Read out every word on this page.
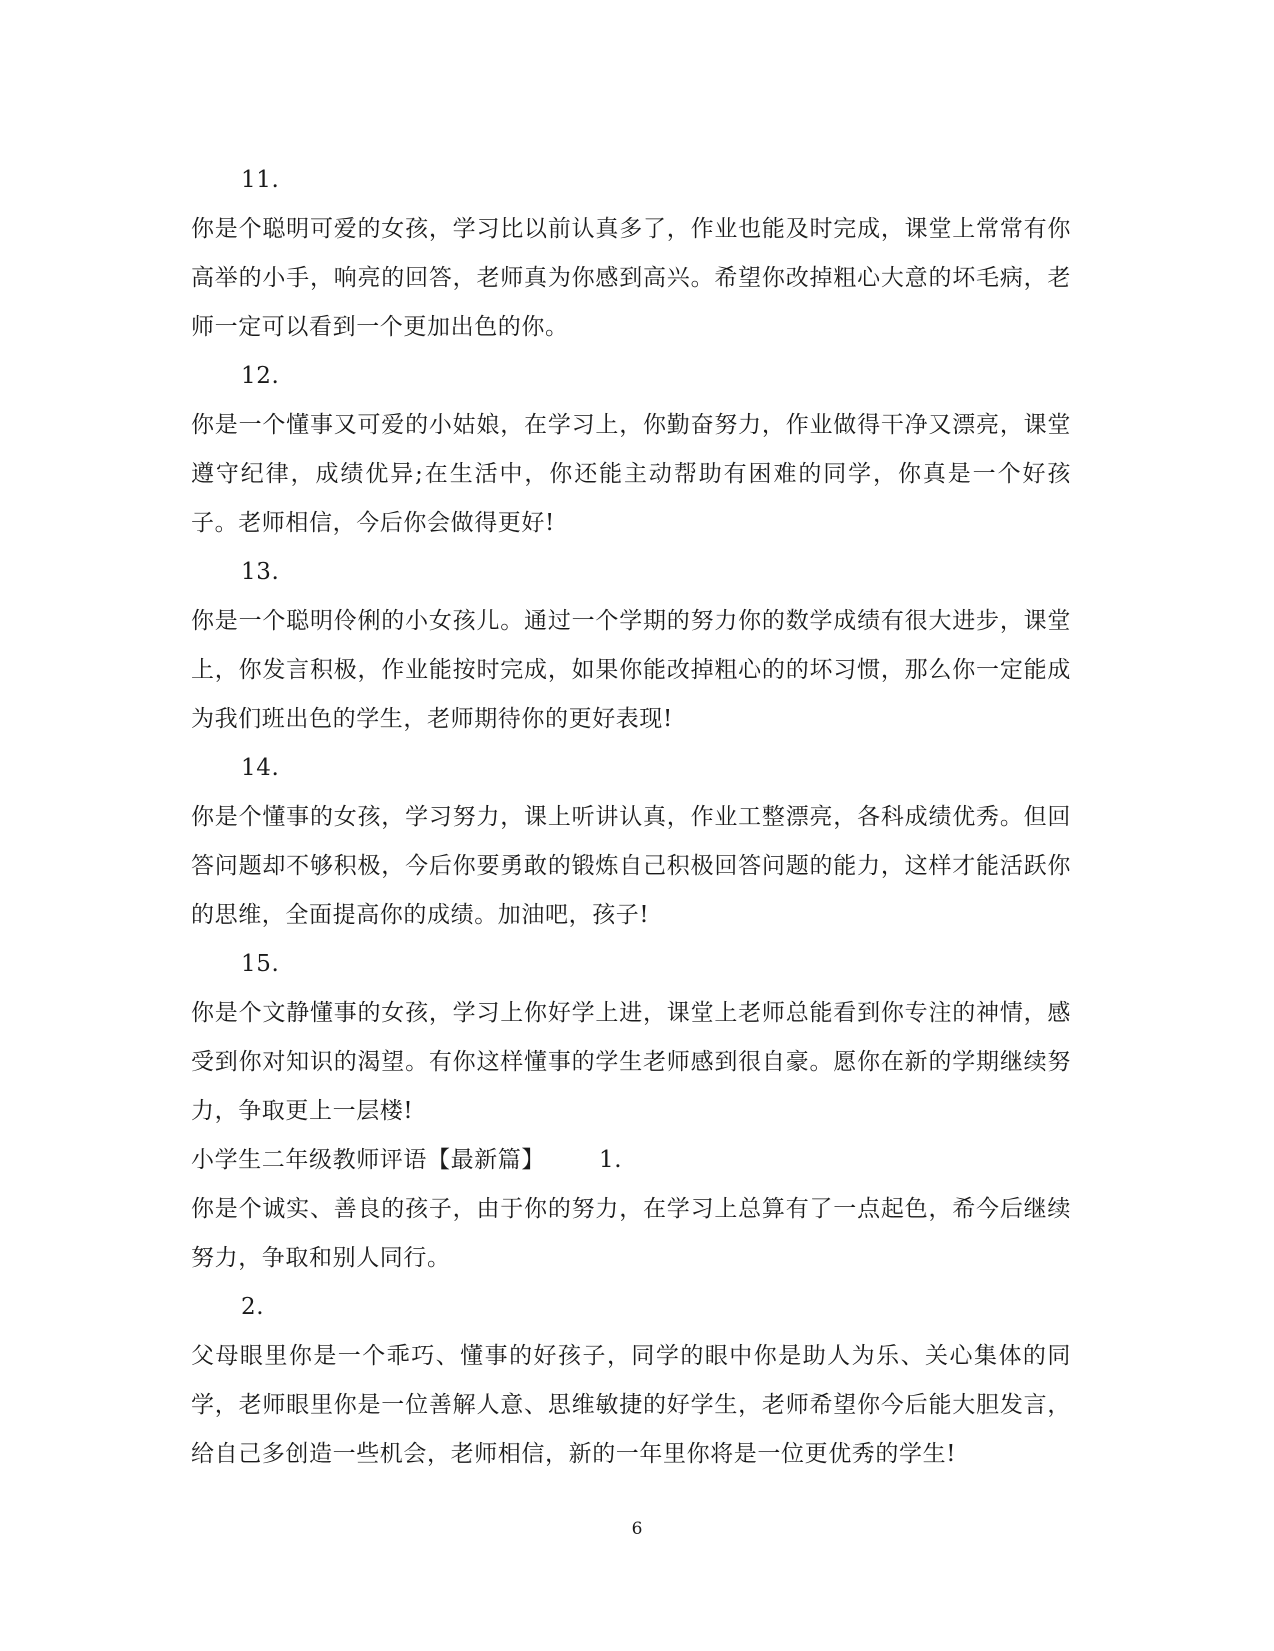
11.

你是个聪明可爱的女孩，学习比以前认真多了，作业也能及时完成，课堂上常常有你高举的小手，响亮的回答，老师真为你感到高兴。希望你改掉粗心大意的坏毛病，老师一定可以看到一个更加出色的你。

12.

你是一个懂事又可爱的小姑娘，在学习上，你勤奋努力，作业做得干净又漂亮，课堂遵守纪律，成绩优异;在生活中，你还能主动帮助有困难的同学，你真是一个好孩子。老师相信，今后你会做得更好!

13.

你是一个聪明伶俐的小女孩儿。通过一个学期的努力你的数学成绩有很大进步，课堂上，你发言积极，作业能按时完成，如果你能改掉粗心的的坏习惯，那么你一定能成为我们班出色的学生，老师期待你的更好表现!

14.

你是个懂事的女孩，学习努力，课上听讲认真，作业工整漂亮，各科成绩优秀。但回答问题却不够积极，今后你要勇敢的锻炼自己积极回答问题的能力，这样才能活跃你的思维，全面提高你的成绩。加油吧，孩子!

15.

你是个文静懂事的女孩，学习上你好学上进，课堂上老师总能看到你专注的神情，感受到你对知识的渴望。有你这样懂事的学生老师感到很自豪。愿你在新的学期继续努力，争取更上一层楼!

小学生二年级教师评语【最新篇】 1.

你是个诚实、善良的孩子，由于你的努力，在学习上总算有了一点起色，希今后继续努力，争取和别人同行。

2.

父母眼里你是一个乖巧、懂事的好孩子，同学的眼中你是助人为乐、关心集体的同学，老师眼里你是一位善解人意、思维敏捷的好学生，老师希望你今后能大胆发言，给自己多创造一些机会，老师相信，新的一年里你将是一位更优秀的学生!

6
